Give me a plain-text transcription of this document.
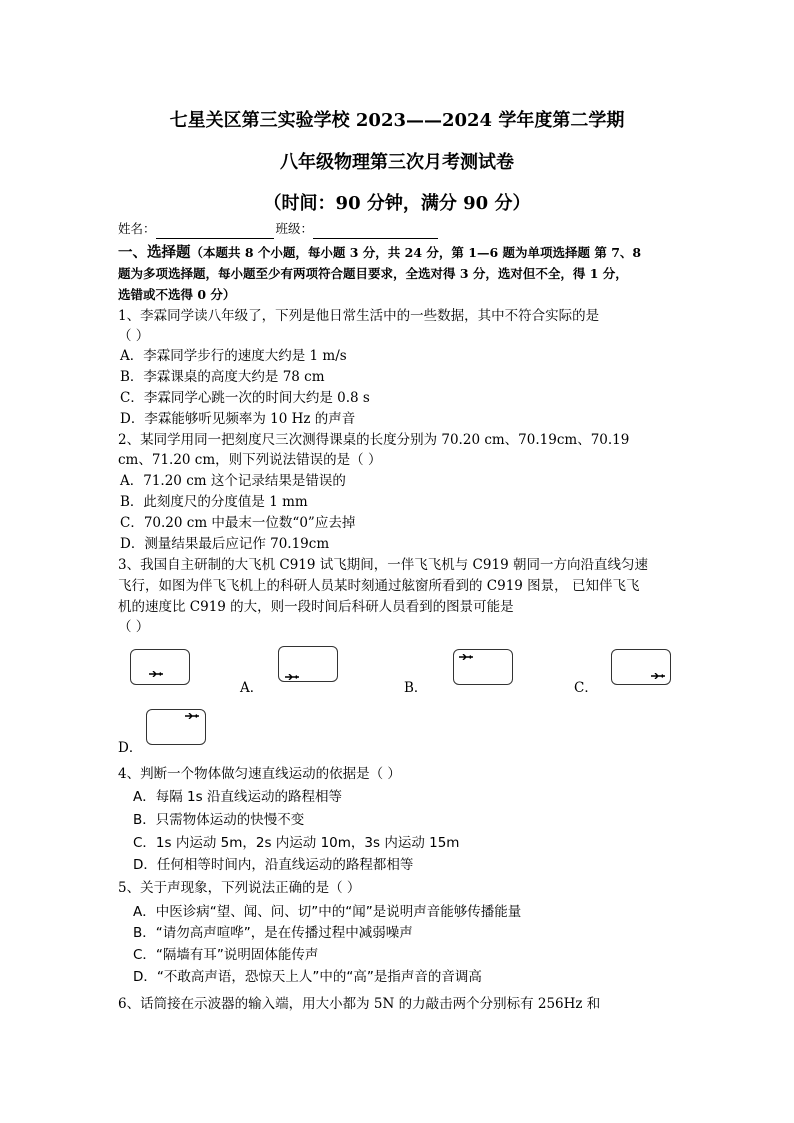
七星关区第三实验学校 2023——2024 学年度第二学期
八年级物理第三次月考测试卷
（时间：90 分钟，满分 90 分）
姓名：	班级：
一、选择题（本题共 8 个小题，每小题 3 分，共 24 分，第 1—6 题为单项选择题 第 7、8
题为多项选择题，每小题至少有两项符合题目要求，全选对得 3 分，选对但不全，得 1 分，
选错或不选得 0 分）
1、李霖同学读八年级了，下列是他日常生活中的一些数据，其中不符合实际的是
（ ）
A．李霖同学步行的速度大约是 1 m/s
B．李霖课桌的高度大约是 78 cm
C．李霖同学心跳一次的时间大约是 0.8 s
D．李霖能够听见频率为 10 Hz 的声音
2、某同学用同一把刻度尺三次测得课桌的长度分别为 70.20 cm、70.19cm、70.19
cm、71.20 cm，则下列说法错误的是（ ）
A．71.20 cm 这个记录结果是错误的
B．此刻度尺的分度值是 1 mm
C．70.20 cm 中最末一位数“0”应去掉
D．测量结果最后应记作 70.19cm
3、我国自主研制的大飞机 C919 试飞期间，一伴飞飞机与 C919 朝同一方向沿直线匀速
飞行，如图为伴飞飞机上的科研人员某时刻通过舷窗所看到的 C919 图景， 已知伴飞飞
机的速度比 C919 的大，则一段时间后科研人员看到的图景可能是
（ ）
A．	B．	C．
D．
4、判断一个物体做匀速直线运动的依据是（ ）
A．每隔 1s 沿直线运动的路程相等
B．只需物体运动的快慢不变
C．1s 内运动 5m，2s 内运动 10m，3s 内运动 15m
D．任何相等时间内，沿直线运动的路程都相等
5、关于声现象，下列说法正确的是（ ）
A．中医诊病“望、闻、问、切”中的“闻”是说明声音能够传播能量
B．“请勿高声喧哗”，是在传播过程中减弱噪声
C．“隔墙有耳”说明固体能传声
D．“不敢高声语，恐惊天上人”中的“高”是指声音的音调高
6、话筒接在示波器的输入端，用大小都为 5N 的力敲击两个分别标有 256Hz 和
